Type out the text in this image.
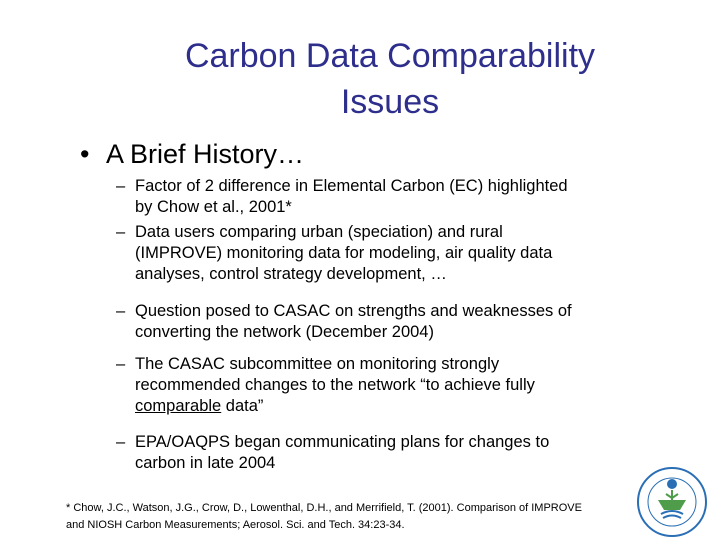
Carbon Data Comparability
Issues
• A Brief History…
– Factor of 2 difference in Elemental Carbon (EC) highlighted
by Chow et al., 2001*
– Data users comparing urban (speciation) and rural
(IMPROVE) monitoring data for modeling, air quality data
analyses, control strategy development, …
– Question posed to CASAC on strengths and weaknesses of
converting the network (December 2004)
– The CASAC subcommittee on monitoring strongly
recommended changes to the network “to achieve fully
comparable data”
– EPA/OAQPS began communicating plans for changes to
carbon in late 2004
* Chow, J.C., Watson, J.G., Crow, D., Lowenthal, D.H., and Merrifield, T. (2001). Comparison of IMPROVE
and NIOSH Carbon Measurements; Aerosol. Sci. and Tech. 34:23-34.
